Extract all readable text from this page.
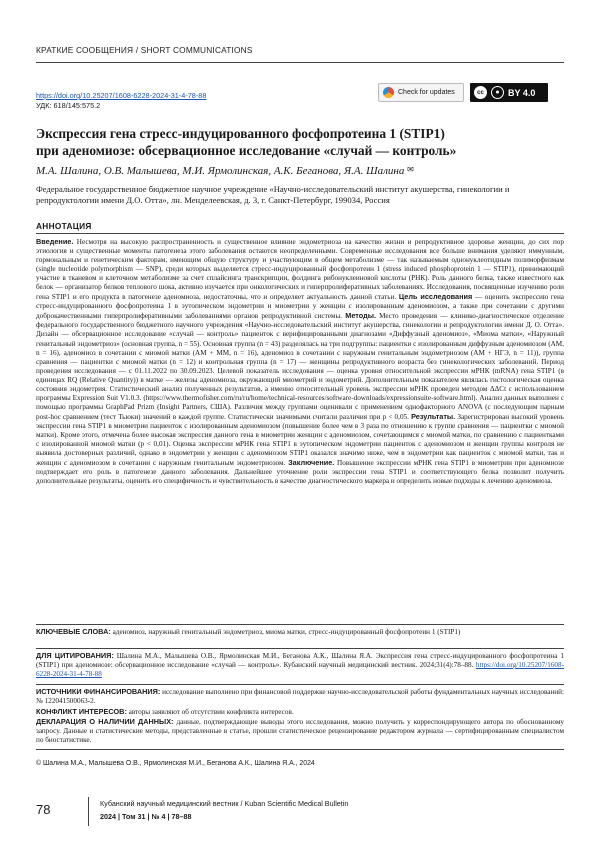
КРАТКИЕ СООБЩЕНИЯ / SHORT COMMUNICATIONS
https://doi.org/10.25207/1608-6228-2024-31-4-78-88
УДК: 618/145:575.2
Check for updates	cc	● BY 4.0
Экспрессия гена стресс-индуцированного фосфопротеина 1 (STIP1)
при аденомиозе: обсервационное исследование «случай — контроль»
М.А. Шалина, О.В. Малышева, М.И. Ярмолинская, А.К. Беганова, Я.А. Шалина ✉
Федеральное государственное бюджетное научное учреждение «Научно-исследовательский институт акушерства, гинекологии и репродуктологии имени Д.О. Отта», лн. Менделеевская, д. 3, г. Санкт-Петербург, 199034, Россия
АННОТАЦИЯ
Введение. Несмотря на высокую распространенность и существенное влияние эндометриоза на качество жизни и репродуктивное здоровье женщин, до сих пор этиология и существенные моменты патогенеза этого заболевания остаются неопределенными. Современные исследования все больше внимания уделяют иммунным, гормональным и генетическим факторам, имеющим общую структуру и участвующим в общем метаболизме — так называемым однонуклеотидным полиморфизмам (single nucleotide polymorphism — SNP), среди которых выделяется стресс-индуцированный фосфопротеин 1 (stress induced phosphoprotein 1 — STIP1), принимающий участие в тканевом и клеточном метаболизме за счет сплайсинга транскрипции, фолдинга рибонуклеиновой кислоты (РНК). Роль данного белка, также известного как белок — организатор белков теплового шока, активно изучается при онкологических и гиперпролиферативных заболеваниях. Исследования, посвященные изучению роли гена STIP1 и его продукта в патогенезе аденомиоза, недостаточны, что и определяет актуальность данной статьи. Цель исследования — оценить экспрессию гена стресс-индуцированного фосфопротеина 1 в эутопическом эндометрии и миометрии у женщин с изолированным аденомиозом, а также при сочетании с другими доброкачественными гиперпролиферативными заболеваниями органов репродуктивной системы. Методы. Место проведения — клинико-диагностическое отделение федерального государственного бюджетного научного учреждения «Научно-исследовательский институт акушерства, гинекологии и репродуктологии имени Д. О. Отта». Дизайн — обсервационное исследование «случай — контроль» пациенток с верифицированными диагнозами «Диффузный аденомиоз», «Миома матки», «Наружный генитальный эндометриоз» (основная группа, n = 55). Основная группа (n = 43) разделялась на три подгруппы: пациентки с изолированным диффузным аденомиозом (АМ, n = 16), аденомиоз в сочетании с миомой матки (АМ + ММ, n = 16), аденомиоз в сочетании с наружным генитальным эндометриозом (АМ + НГЭ, n = 11)), группа сравнения — пациентки с миомой матки (n = 12) и контрольная группа (n = 17) — женщины репродуктивного возраста без гинекологических заболеваний. Период проведения исследования — с 01.11.2022 по 30.09.2023. Целевой показатель исследования — оценка уровня относительной экспрессии мРНК (mRNA) гена STIP1 (в единицах RQ (Relative Quantity)) в матке — железы аденомиоза, окружающий миометрий и эндометрий. Дополнительным показателем являлась гистологическая оценка состояния эндометрия. Статистический анализ полученных результатов, а именно относительный уровень экспрессии мРНК проведен методом ΔΔCt с использованием программы Expression Suit V1.0.3. (https://www.thermofisher.com/ru/ru/home/technical-resources/software-downloads/expressionsuite-software.html). Анализ данных выполнен с помощью программы GraphPad Prizm (Insight Partners, США). Различия между группами оценивали с применением однофакторного ANOVA (с последующим парным post-hoc сравнением (тест Тьюки) значений в каждой группе. Статистически значимыми считали различия при p < 0,05. Результаты. Зарегистрирован высокий уровень экспрессии гена STIP1 в миометрии пациенток с изолированным аденомиозом (повышение более чем в 3 раза по отношению к группе сравнения — пациентки с миомой матки). Кроме этого, отмечена более высокая экспрессия данного гена в миометрии женщин с аденомиозом, сочетающимся с миомой матки, по сравнению с пациентками с изолированной миомой матки (p < 0,01). Оценка экспрессии мРНК гена STIP1 в эутопическом эндометрии пациенток с аденомиозом и женщин группы контроля не выявила достоверных различий, однако в эндометрии у женщин с аденомиозом STIP1 оказался значимо ниже, чем в эндометрии как пациенток с миомой матки, так и женщин с аденомиозом в сочетании с наружным генитальным эндометриозом. Заключение. Повышение экспрессии мРНК гена STIP1 в миометрии при аденомиозе подтверждает его роль в патогенезе данного заболевания. Дальнейшее уточнение роли экспрессии гена STIP1 и соответствующего белка позволит получить дополнительные результаты, оценить его специфичность и чувствительность в качестве диагностического маркера и определить новые подходы к лечению аденомиоза.
КЛЮЧЕВЫЕ СЛОВА: аденомиоз, наружный генитальный эндометриоз, миома матки, стресс-индуцированный фосфопротеин 1 (STIP1)
ДЛЯ ЦИТИРОВАНИЯ: Шалина М.А., Малышева О.В., Ярмолинская М.И., Беганова А.К., Шалина Я.А. Экспрессия гена стресс-индуцированного фосфопротеина 1 (STIP1) при аденомиозе: обсервационное исследование «случай — контроль». Кубанский научный медицинский вестник. 2024;31(4):78–88. https://doi.org/10.25207/1608-6228-2024-31-4-78-88
ИСТОЧНИКИ ФИНАНСИРОВАНИЯ: исследование выполнено при финансовой поддержке научно-исследовательской работы фундаментальных научных исследований: № 122041500063-2.
КОНФЛИКТ ИНТЕРЕСОВ: авторы заявляют об отсутствии конфликта интересов.
ДЕКЛАРАЦИЯ О НАЛИЧИИ ДАННЫХ: данные, подтверждающие выводы этого исследования, можно получить у корреспондирующего автора по обоснованному запросу. Данные и статистические методы, представленные в статье, прошли статистическое рецензирование редактором журнала — сертифицированным специалистом по биостатистике.
© Шалина М.А., Малышева О.В., Ярмолинская М.И., Беганова А.К., Шалина Я.А., 2024
78	Кубанский научный медицинский вестник / Kuban Scientific Medical Bulletin
2024 | Том 31 | № 4 | 78–88
